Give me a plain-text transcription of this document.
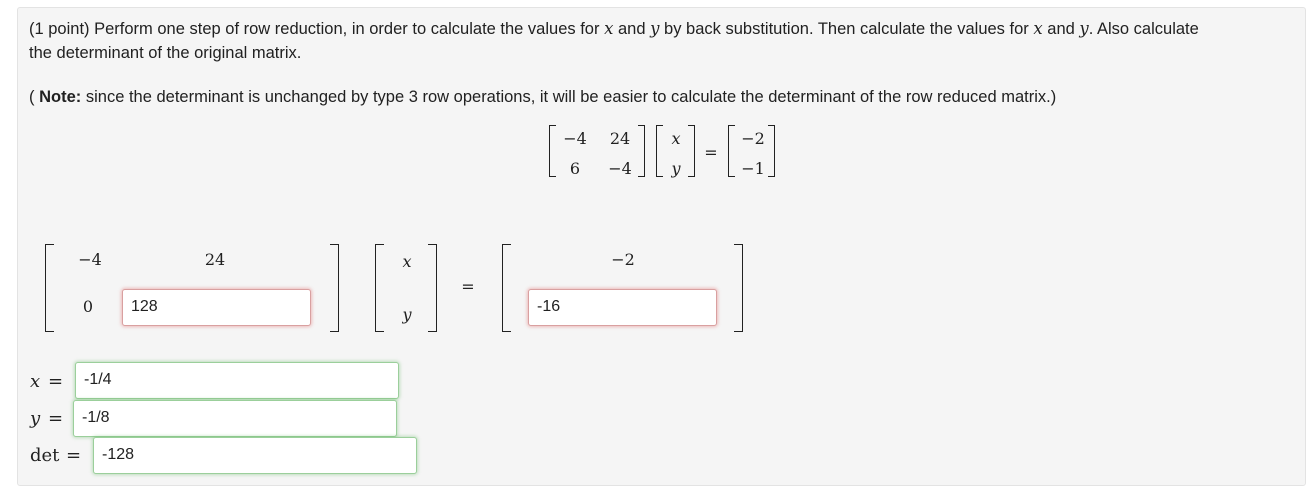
(1 point) Perform one step of row reduction, in order to calculate the values for x and y by back substitution. Then calculate the values for x and y. Also calculate
the determinant of the original matrix.
( Note: since the determinant is unchanged by type 3 row operations, it will be easier to calculate the determinant of the row reduced matrix.)
−4	24
6	−4
x
y
=
−2
−1
−4	24
0	128
x
y
=
−2
-16
x =	-1/4
y =	-1/8
det =	-128
